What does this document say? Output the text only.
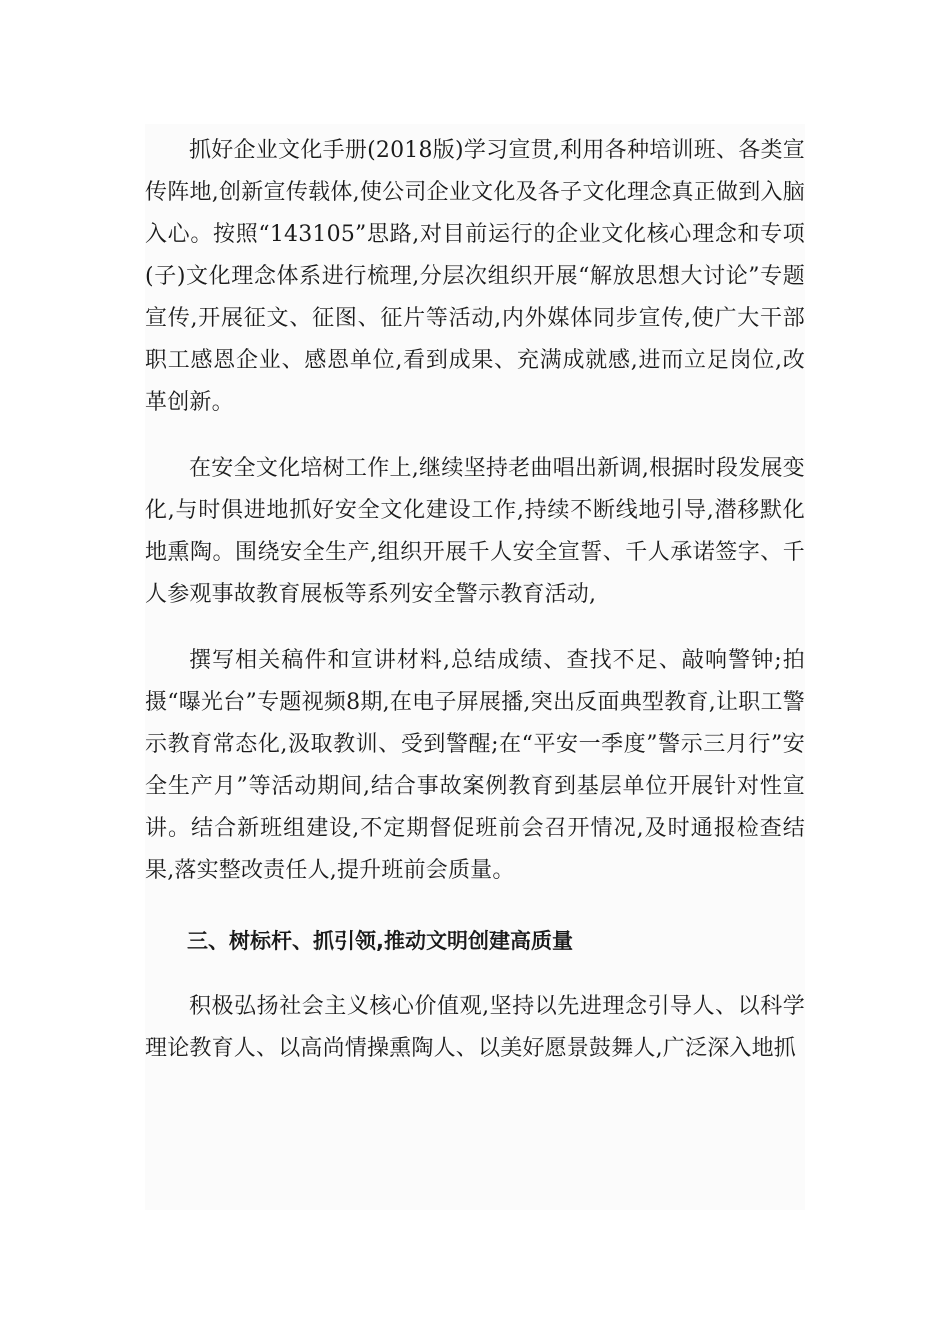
抓好企业文化手册(2018版)学习宣贯,利用各种培训班、各类宣传阵地,创新宣传载体,使公司企业文化及各子文化理念真正做到入脑入心。按照“143105”思路,对目前运行的企业文化核心理念和专项(子)文化理念体系进行梳理,分层次组织开展“解放思想大讨论”专题宣传,开展征文、征图、征片等活动,内外媒体同步宣传,使广大干部职工感恩企业、感恩单位,看到成果、充满成就感,进而立足岗位,改革创新。

在安全文化培树工作上,继续坚持老曲唱出新调,根据时段发展变化,与时俱进地抓好安全文化建设工作,持续不断线地引导,潜移默化地熏陶。围绕安全生产,组织开展千人安全宣誓、千人承诺签字、千人参观事故教育展板等系列安全警示教育活动,

撰写相关稿件和宣讲材料,总结成绩、查找不足、敲响警钟;拍摄“曝光台”专题视频8期,在电子屏展播,突出反面典型教育,让职工警示教育常态化,汲取教训、受到警醒;在“平安一季度”警示三月行”安全生产月”等活动期间,结合事故案例教育到基层单位开展针对性宣讲。结合新班组建设,不定期督促班前会召开情况,及时通报检查结果,落实整改责任人,提升班前会质量。

三、树标杆、抓引领,推动文明创建高质量

积极弘扬社会主义核心价值观,坚持以先进理念引导人、以科学理论教育人、以高尚情操熏陶人、以美好愿景鼓舞人,广泛深入地抓
